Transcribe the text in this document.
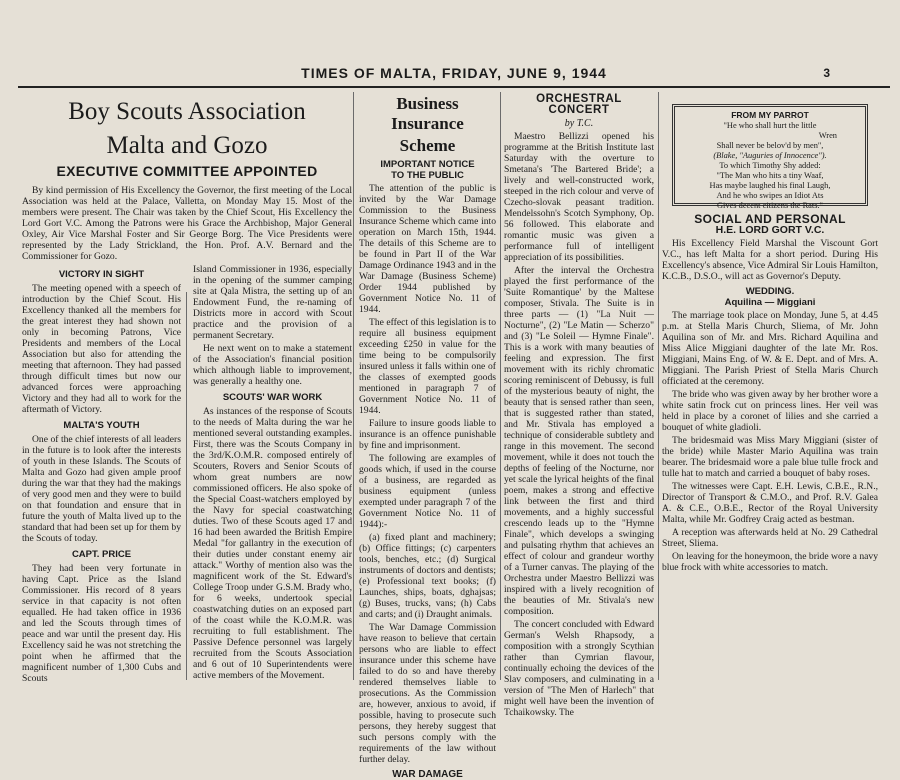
TIMES OF MALTA, FRIDAY, JUNE 9, 1944	3
Boy Scouts Association
Malta and Gozo
EXECUTIVE COMMITTEE APPOINTED

By kind permission of His Excellency the Governor, the first meeting of the Local Association was held at the Palace, Valletta, on Monday May 15. Most of the members were present. The Chair was taken by the Chief Scout, His Excellency the Lord Gort V.C. Among the Patrons were his Grace the Archbishop, Major General Oxley, Air Vice Marshal Foster and Sir George Borg. The Vice Presidents were represented by the Lady Strickland, the Hon. Prof. A.V. Bernard and the Commissioner for Gozo.

VICTORY IN SIGHT

The meeting opened with a speech of introduction by the Chief Scout. His Excellency thanked all the members for the great interest they had shown not only in becoming Patrons, Vice Presidents and members of the Local Association but also for attending the meeting that afternoon. They had passed through difficult times but now our advanced forces were approaching Victory and they had all to work for the aftermath of Victory.

MALTA'S YOUTH

One of the chief interests of all leaders in the future is to look after the interests of youth in these Islands. The Scouts of Malta and Gozo had given ample proof during the war that they had the makings of very good men and they were to build on that foundation and ensure that in future the youth of Malta lived up to the standard that had been set up for them by the Scouts of today.

CAPT. PRICE

They had been very fortunate in having Capt. Price as the Island Commissioner. His record of 8 years service in that capacity is not often equalled. He had taken office in 1936 and led the Scouts through times of peace and war until the present day. His Excellency said he was not stretching the point when he affirmed that the magnificent number of 1,300 Cubs and Scouts

Island Commissioner in 1936, especially in the opening of the summer camping site at Qala Mistra, the setting up of an Endowment Fund, the re-naming of Districts more in accord with Scout practice and the provision of a permanent Secretary.

He next went on to make a statement of the Association's financial position which although liable to improvement, was generally a healthy one.

SCOUTS' WAR WORK

As instances of the response of Scouts to the needs of Malta during the war he mentioned several outstanding examples. First, there was the Scouts Company in the 3rd/K.O.M.R. composed entirely of Scouters, Rovers and Senior Scouts of whom great numbers are now commissioned officers. He also spoke of the Special Coast-watchers employed by the Navy for special coastwatching duties. Two of these Scouts aged 17 and 16 had been awarded the British Empire Medal "for gallantry in the execution of their duties under constant enemy air attack." Worthy of mention also was the magnificent work of the St. Edward's College Troop under G.S.M. Brady who, for 6 weeks, undertook special coastwatching duties on an exposed part of the coast while the K.O.M.R. was recruiting to full establishment. The Passive Defence personnel was largely recruited from the Scouts Association and 6 out of 10 Superintendents were active members of the Movement.

Business Insurance
Scheme
IMPORTANT NOTICE
TO THE PUBLIC

The attention of the public is invited by the War Damage Commission to the Business Insurance Scheme which came into operation on March 15th, 1944. The details of this Scheme are to be found in Part II of the War Damage Ordinance 1943 and in the War Damage (Business Scheme) Order 1944 published by Government Notice No. 11 of 1944.

The effect of this legislation is to require all business equipment exceeding £250 in value for the time being to be compulsorily insured unless it falls within one of the classes of exempted goods mentioned in paragraph 7 of Government Notice No. 11 of 1944.

Failure to insure goods liable to insurance is an offence punishable by fine and imprisonment.

The following are examples of goods which, if used in the course of a business, are regarded as business equipment (unless exempted under paragraph 7 of the Government Notice No. 11 of 1944):-

(a) fixed plant and machinery; (b) Office fittings; (c) carpenters tools, benches, etc.; (d) Surgical instruments of doctors and dentists; (e) Professional text books; (f) Launches, ships, boats, dghajsas; (g) Buses, trucks, vans; (h) Cabs and carts; and (i) Draught animals.

The War Damage Commission have reason to believe that certain persons who are liable to effect insurance under this scheme have failed to do so and have thereby rendered themselves liable to prosecutions. As the Commission are, however, anxious to avoid, if possible, having to prosecute such persons, they hereby suggest that such persons comply with the requirements of the law without further delay.

WAR DAMAGE
ORCHESTRAL CONCERT
by T.C.

Maestro Bellizzi opened his programme at the British Institute last Saturday with the overture to Smetana's 'The Bartered Bride'; a lively and well-constructed work, steeped in the rich colour and verve of Czecho-slovak peasant tradition. Mendelssohn's Scotch Symphony, Op. 56 followed. This elaborate and romantic music was given a performance full of intelligent appreciation of its possibilities.

After the interval the Orchestra played the first performance of the 'Suite Romantique' by the Maltese composer, Stivala. The Suite is in three parts — (1) "La Nuit — Nocturne", (2) "Le Matin — Scherzo" and (3) "Le Soleil — Hymne Finale". This is a work with many beauties of feeling and expression. The first movement with its richly chromatic scoring reminiscent of Debussy, is full of the mysterious beauty of night, the beauty that is sensed rather than seen, that is suggested rather than stated, and Mr. Stivala has employed a technique of considerable subtlety and range in this movement. The second movement, while it does not touch the depths of feeling of the Nocturne, nor yet scale the lyrical heights of the final poem, makes a strong and effective link between the first and third movements, and a highly successful crescendo leads up to the "Hymne Finale", which develops a swinging and pulsating rhythm that achieves an effect of colour and grandeur worthy of a Turner canvas. The playing of the Orchestra under Maestro Bellizzi was inspired with a lively recognition of the beauties of Mr. Stivala's new composition.

The concert concluded with Edward German's Welsh Rhapsody, a composition with a strongly Scythian rather than Cymrian flavour, continually echoing the devices of the Slav composers, and culminating in a version of "The Men of Harlech" that might well have been the invention of Tchaikowsky. The

FROM MY PARROT

"He who shall hurt the little

Wren

Shall never be belov'd by men",

(Blake, "Auguries of Innocence").

To which Timothy Shy added:

"The Man who hits a tiny Waaf,

Has maybe laughed his final Laugh,

And he who swipes an Idiot Ats

Gives decent citizens the Rats."

SOCIAL AND PERSONAL
H.E. LORD GORT V.C.

His Excellency Field Marshal the Viscount Gort V.C., has left Malta for a short period. During His Excellency's absence, Vice Admiral Sir Louis Hamilton, K.C.B., D.S.O., will act as Governor's Deputy.

WEDDING.
Aquilina — Miggiani

The marriage took place on Monday, June 5, at 4.45 p.m. at Stella Maris Church, Sliema, of Mr. John Aquilina son of Mr. and Mrs. Richard Aquilina and Miss Alice Miggiani daughter of the late Mr. Ros. Miggiani, Mains Eng. of W. & E. Dept. and of Mrs. A. Miggiani. The Parish Priest of Stella Maris Church officiated at the ceremony.

The bride who was given away by her brother wore a white satin frock cut on princess lines. Her veil was held in place by a coronet of lilies and she carried a bouquet of white gladioli.

The bridesmaid was Miss Mary Miggiani (sister of the bride) while Master Mario Aquilina was train bearer. The bridesmaid wore a pale blue tulle frock and tulle hat to match and carried a bouquet of baby roses.

The witnesses were Capt. E.H. Lewis, C.B.E., R.N., Director of Transport & C.M.O., and Prof. R.V. Galea A. & C.E., O.B.E., Rector of the Royal University Malta, while Mr. Godfrey Craig acted as bestman.

A reception was afterwards held at No. 29 Cathedral Street, Sliema.

On leaving for the honeymoon, the bride wore a navy blue frock with white accessories to match.
